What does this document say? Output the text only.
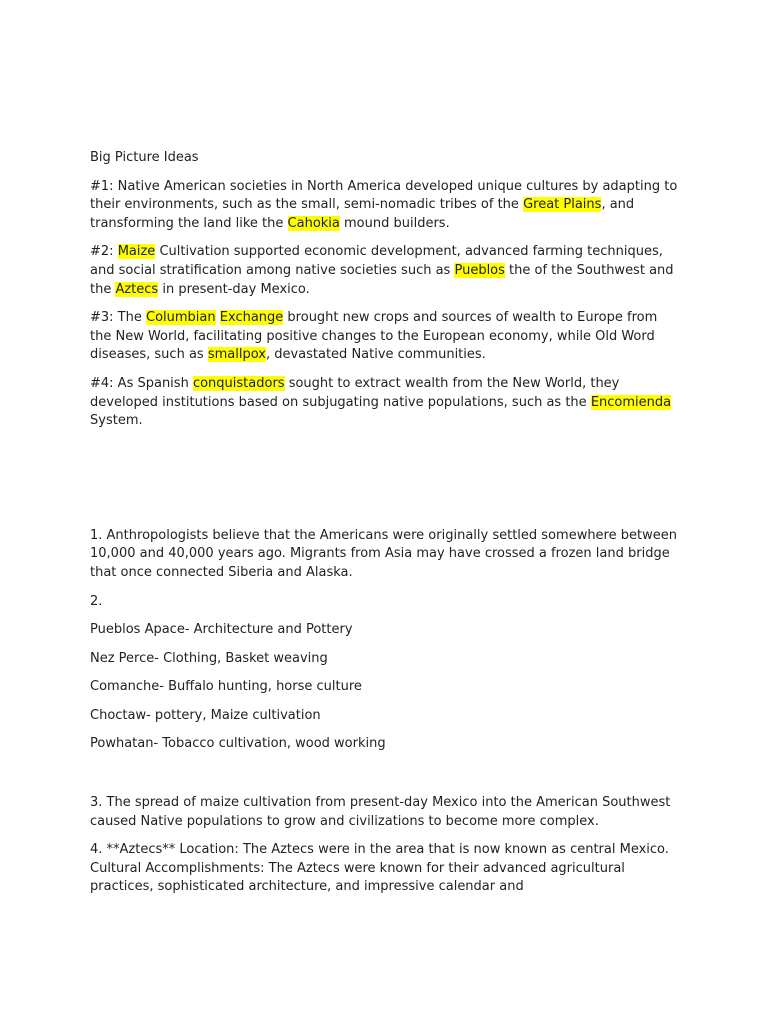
Big Picture Ideas

#1: Native American societies in North America developed unique cultures by adapting to their environments, such as the small, semi-nomadic tribes of the Great Plains, and transforming the land like the Cahokia mound builders.

#2: Maize Cultivation supported economic development, advanced farming techniques, and social stratification among native societies such as Pueblos the of the Southwest and the Aztecs in present-day Mexico.

#3: The Columbian Exchange brought new crops and sources of wealth to Europe from the New World, facilitating positive changes to the European economy, while Old Word diseases, such as smallpox, devastated Native communities.

#4: As Spanish conquistadors sought to extract wealth from the New World, they developed institutions based on subjugating native populations, such as the Encomienda System.

1. Anthropologists believe that the Americans were originally settled somewhere between 10,000 and 40,000 years ago. Migrants from Asia may have crossed a frozen land bridge that once connected Siberia and Alaska.

2.

Pueblos Apace- Architecture and Pottery

Nez Perce- Clothing, Basket weaving

Comanche- Buffalo hunting, horse culture

Choctaw- pottery, Maize cultivation

Powhatan- Tobacco cultivation, wood working

3. The spread of maize cultivation from present-day Mexico into the American Southwest caused Native populations to grow and civilizations to become more complex.

4. **Aztecs** Location: The Aztecs were in the area that is now known as central Mexico. Cultural Accomplishments: The Aztecs were known for their advanced agricultural practices, sophisticated architecture, and impressive calendar and
